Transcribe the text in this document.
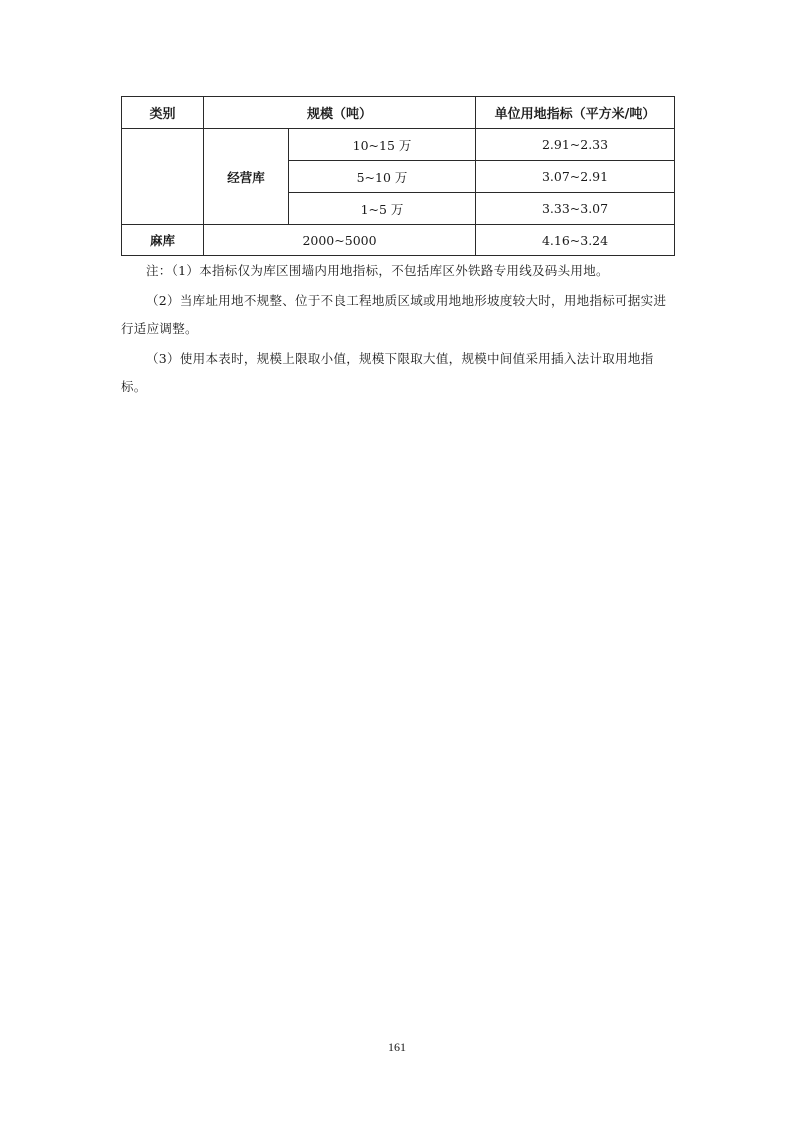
类别	规模（吨）		单位用地指标（平方米/吨）
	经营库	10~15 万	2.91~2.33
		5~10 万	3.07~2.91
		1~5 万	3.33~3.07
麻库	2000~5000		4.16~3.24

注：（1）本指标仅为库区围墙内用地指标，不包括库区外铁路专用线及码头用地。

（2）当库址用地不规整、位于不良工程地质区域或用地地形坡度较大时，用地指标可据实进行适应调整。

（3）使用本表时，规模上限取小值，规模下限取大值，规模中间值采用插入法计取用地指标。

161
